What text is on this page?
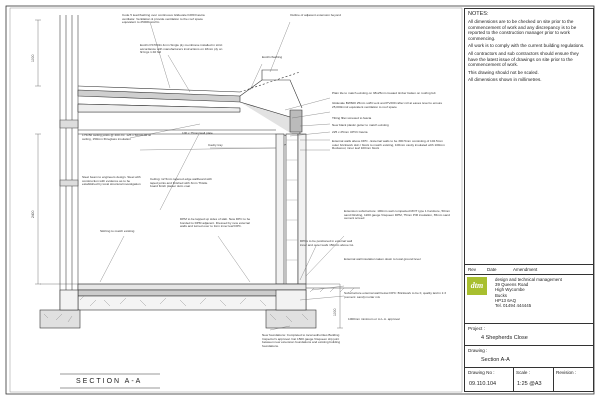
Code 5 lead flashing over continuous Glidevale F280 Fascia ventilator. Ventilation & provide ventilation to the roof space equivalent to 25000mm2/m
Ecofin FS70011 4mm Single ply membrane installed in strict accordance with manufacturers instructions on 18mm ply on firrings 1:40 fall
Outline of adjacent extension beyond
Ecofin flashing
Plain tile to match existing on 38x25mm treated timber batten on roofing felt
Glidevale BW600 25mm soffit vent and PV200 rafter roll at eaves level to ensure 25,000mm2 equivalent ventilation to roof space
Tilting fillet screwed to fascia
New black plastic gutter to match existing
225 x 25mm UPVC fascia
175x50 ceiling joists @ 400 c/c. 125 x 50mm tie at ceiling, 150mm fibreglass insulation
100 x 75mm wall plate
Cavity tray
External walls above DPC - External walls to be 300.5mm consisting of 102.5mm outer brickwork skin / block to match existing, 100mm cavity insulated with 100mm Rockwool, inner leaf 100mm block
Steel beam to engineers design. Steel with construction with evidence as to be established by local structural investigation
Ceiling: 12.5mm tapered edge wallboard with taped joints and finished with 3mm Thistle board finish plaster skim coat
Skirting to match existing
DPM to be lapped up sides of slab. New DPC to be bonded to DPM adjacent. Dressed by new external walls and turned over to form inner leaf DPC.
DPCs to be positioned in external wall inner and outer leafs 150mm above GL
Extension substructure: 100mm well compacted MOT type 1 hardcore, 50mm sand blinding, 1200 gauge Visqueen DPM, 75mm PIR insulation, 65mm sand cement screed
Substructure external wall below DPC: Brickwork to be F, quality laid in 1:3 (cement: sand) mortar mix
External wall insulation taken down to local ground level
1000mm minimum or to L.A. approval
New foundations: Completed to local authorities Building Inspector's approval. Cat 1500 gauge Visqueen slip joint between new extension foundations and existing building foundations.
1000
2400
1000
SECTION A-A
NOTES:
All dimensions are to be checked on site prior to the commencement of work and any discrepancy is to be reported to the construction manager prior to work commencing.
All work is to comply with the current building regulations.
All contractors and sub contractors should ensure they have the latest issue of drawings on site prior to the commencement of work.
This drawing should not be scaled.
All dimensions shown in millimetres.
Rev Date	Amendment
dtm
design and technical management
39 Queens Road
High Wycombe
Bucks
HP13 6AQ
Tel. 01494 444445
Project :
4 Shepherds Close
Drawing :
Section A-A
Drawing No :
09.110.104
Scale :
1:25 @A3
Revision :
